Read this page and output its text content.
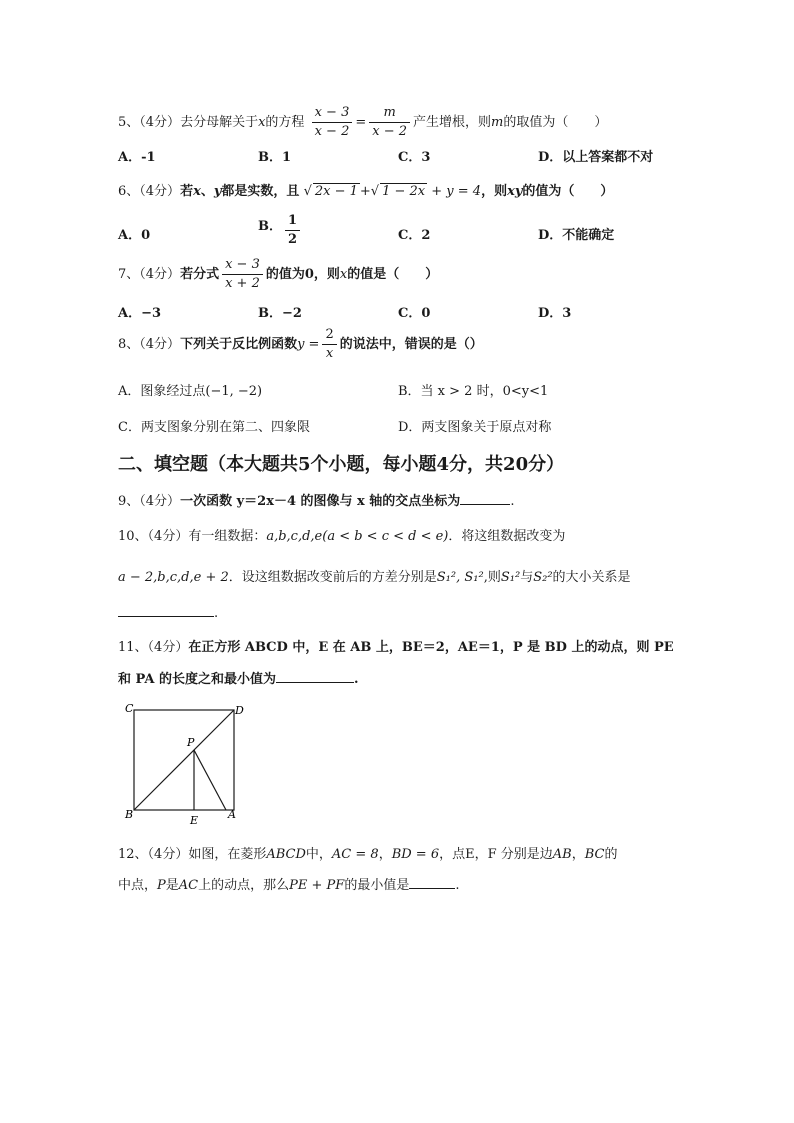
5、（4分）去分母解关于x的方程 $\frac{x - 3}{x - 2} = \frac{m}{x - 2}$ 产生增根，则m的取值为（　　）
A．-1	B．1	C．3	D．以上答案都不对
6、（4分）若x、y都是实数，且 √ 2x − 1 +√ 1 − 2x + y = 4，则xy的值为（　　）
A．0
B． $\frac{1}{2}$	C．2	D．不能确定
7、（4分）若分式 $\frac{x - 3}{x + 2}$ 的值为0，则x的值是（　　）
A．−3	B．−2	C．0	D．3
8、（4分）下列关于反比例函数$y = \frac{2}{x}$ 的说法中，错误的是（）
A．图象经过点(−1, −2)	B．当 x > 2 时，0<y<1
C．两支图象分别在第二、四象限	D．两支图象关于原点对称
二、填空题（本大题共5个小题，每小题4分，共20分）
9、（4分）一次函数 y＝2x－4 的图像与 x 轴的交点坐标为	.
10、（4分）有一组数据：a,b,c,d,e(a < b < c < d < e)．将这组数据改变为
a − 2,b,c,d,e + 2．设这组数据改变前后的方差分别是S₁², S₁²,则S₁²与S₂²的大小关系是
.
11、（4分）在正方形 ABCD 中，E 在 AB 上，BE＝2，AE＝1，P 是 BD 上的动点，则 PE
和 PA 的长度之和最小值为	.
C	D
P
B	E	A
12、（4分）如图，在菱形ABCD中，AC = 8，BD = 6，点E，F 分别是边AB，BC的
中点，P是AC上的动点，那么PE + PF的最小值是	.
